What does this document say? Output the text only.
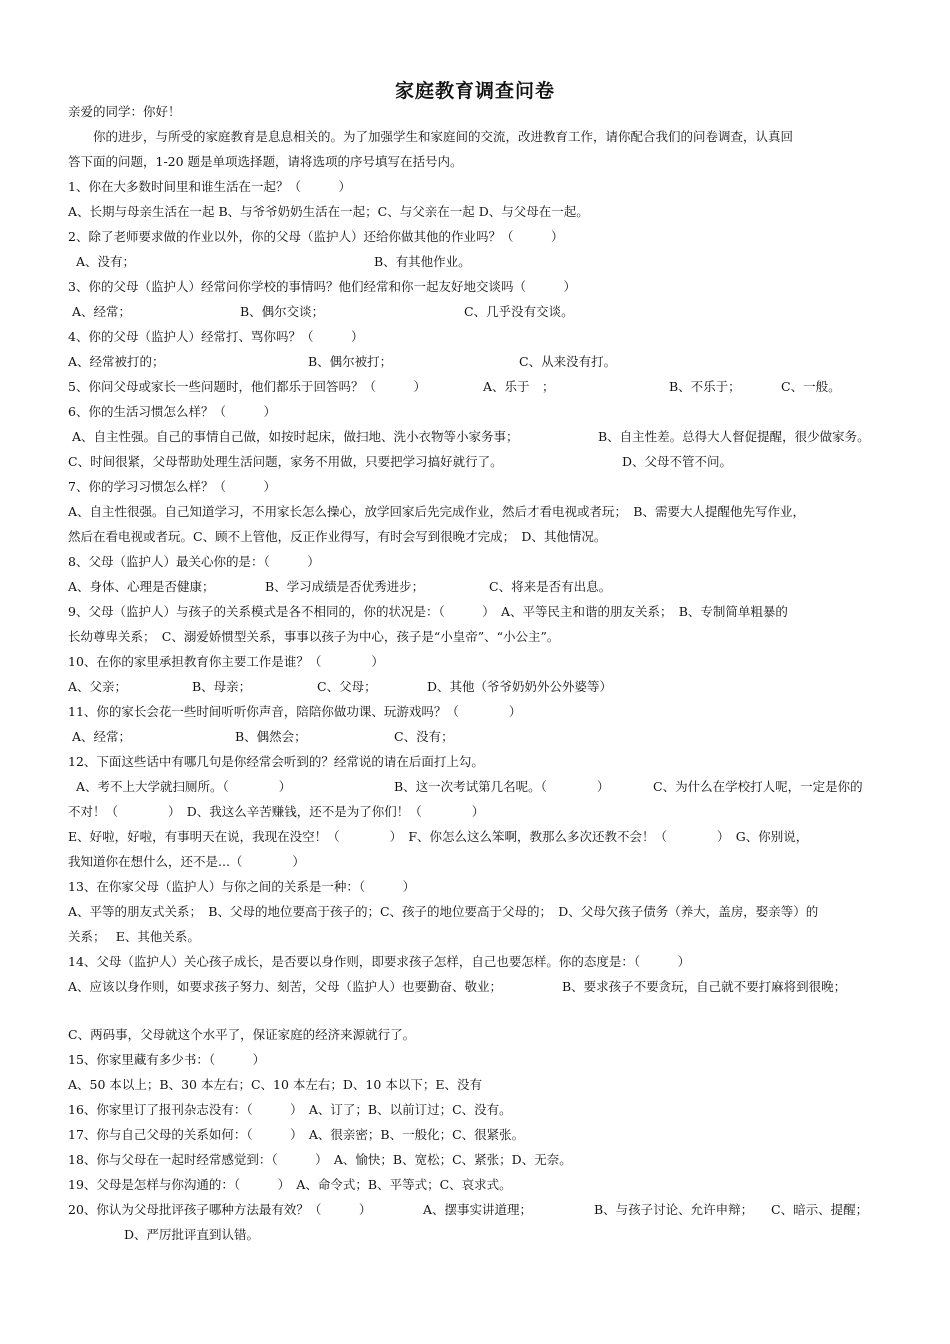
家庭教育调查问卷
亲爱的同学：你好！
你的进步，与所受的家庭教育是息息相关的。为了加强学生和家庭间的交流，改进教育工作，请你配合我们的问卷调查，认真回
答下面的问题，1-20 题是单项选择题，请将选项的序号填写在括号内。
1、你在大多数时间里和谁生活在一起？（　　　）
A、长期与母亲生活在一起 B、与爷爷奶奶生活在一起；C、与父亲在一起 D、与父母在一起。
2、除了老师要求做的作业以外，你的父母（监护人）还给你做其他的作业吗？（　　　）
A、没有；	B、有其他作业。
3、你的父母（监护人）经常问你学校的事情吗？他们经常和你一起友好地交谈吗（　　　）
A、经常；	B、偶尔交谈；	C、几乎没有交谈。
4、你的父母（监护人）经常打、骂你吗？（　　　）
A、经常被打的；	B、偶尔被打；	C、从来没有打。
5、你问父母或家长一些问题时，他们都乐于回答吗？（　　　）	A、乐于　；	B、不乐于；	C、一般。
6、你的生活习惯怎么样？（　　　）
A、自主性强。自己的事情自己做，如按时起床，做扫地、洗小衣物等小家务事；	B、自主性差。总得大人督促提醒，很少做家务。
C、时间很紧，父母帮助处理生活问题，家务不用做，只要把学习搞好就行了。	D、父母不管不问。
7、你的学习习惯怎么样？（　　　）
A、自主性很强。自己知道学习，不用家长怎么操心，放学回家后先完成作业，然后才看电视或者玩；　B、需要大人提醒他先写作业，
然后在看电视或者玩。C、顾不上管他，反正作业得写，有时会写到很晚才完成；　D、其他情况。
8、父母（监护人）最关心你的是：（　　　）
A、身体、心理是否健康；	B、学习成绩是否优秀进步；	C、将来是否有出息。
9、父母（监护人）与孩子的关系模式是各不相同的，你的状况是：（　　　）　A、平等民主和谐的朋友关系；　B、专制简单粗暴的
长幼尊卑关系；　C、溺爱娇惯型关系，事事以孩子为中心，孩子是“小皇帝”、“小公主”。
10、在你的家里承担教育你主要工作是谁？（　　　　）
A、父亲；	B、母亲；	C、父母；	D、其他（爷爷奶奶外公外婆等）
11、你的家长会花一些时间听听你声音，陪陪你做功课、玩游戏吗？（　　　　）
A、经常；	B、偶然会；	C、没有；
12、下面这些话中有哪几句是你经常会听到的？经常说的请在后面打上勾。
A、考不上大学就扫厕所。（　　　　）	B、这一次考试第几名呢。（　　　　）	C、为什么在学校打人呢，一定是你的
不对！（　　　　）　D、我这么辛苦赚钱，还不是为了你们！（　　　　）
E、好啦，好啦，有事明天在说，我现在没空！（　　　　）　F、你怎么这么笨啊，教那么多次还教不会！（　　　　）　G、你别说，
我知道你在想什么，还不是...（　　　　）
13、在你家父母（监护人）与你之间的关系是一种：（　　　）
A、平等的朋友式关系；　B、父母的地位要高于孩子的；C、孩子的地位要高于父母的；　D、父母欠孩子债务（养大，盖房，娶亲等）的
关系；　 E、其他关系。
14、父母（监护人）关心孩子成长，是否要以身作则，即要求孩子怎样，自己也要怎样。你的态度是：（　　　）
A、应该以身作则，如要求孩子努力、刻苦，父母（监护人）也要勤奋、敬业；	B、要求孩子不要贪玩，自己就不要打麻将到很晚；
C、两码事，父母就这个水平了，保证家庭的经济来源就行了。
15、你家里藏有多少书：（　　　）
A、50 本以上；B、30 本左右；C、10 本左右；D、10 本以下；E、没有
16、你家里订了报刊杂志没有：（　　　）　A、订了；B、以前订过；C、没有。
17、你与自己父母的关系如何：（　　　）　A、很亲密；B、一般化；C、很紧张。
18、你与父母在一起时经常感觉到：（　　　）　A、愉快；B、宽松；C、紧张；D、无奈。
19、父母是怎样与你沟通的：（　　　）　A、命令式；B、平等式；C、哀求式。
20、你认为父母批评孩子哪种方法最有效？（　　　）	A、摆事实讲道理；	B、与孩子讨论、允许申辩； C、暗示、提醒；
D、严厉批评直到认错。
